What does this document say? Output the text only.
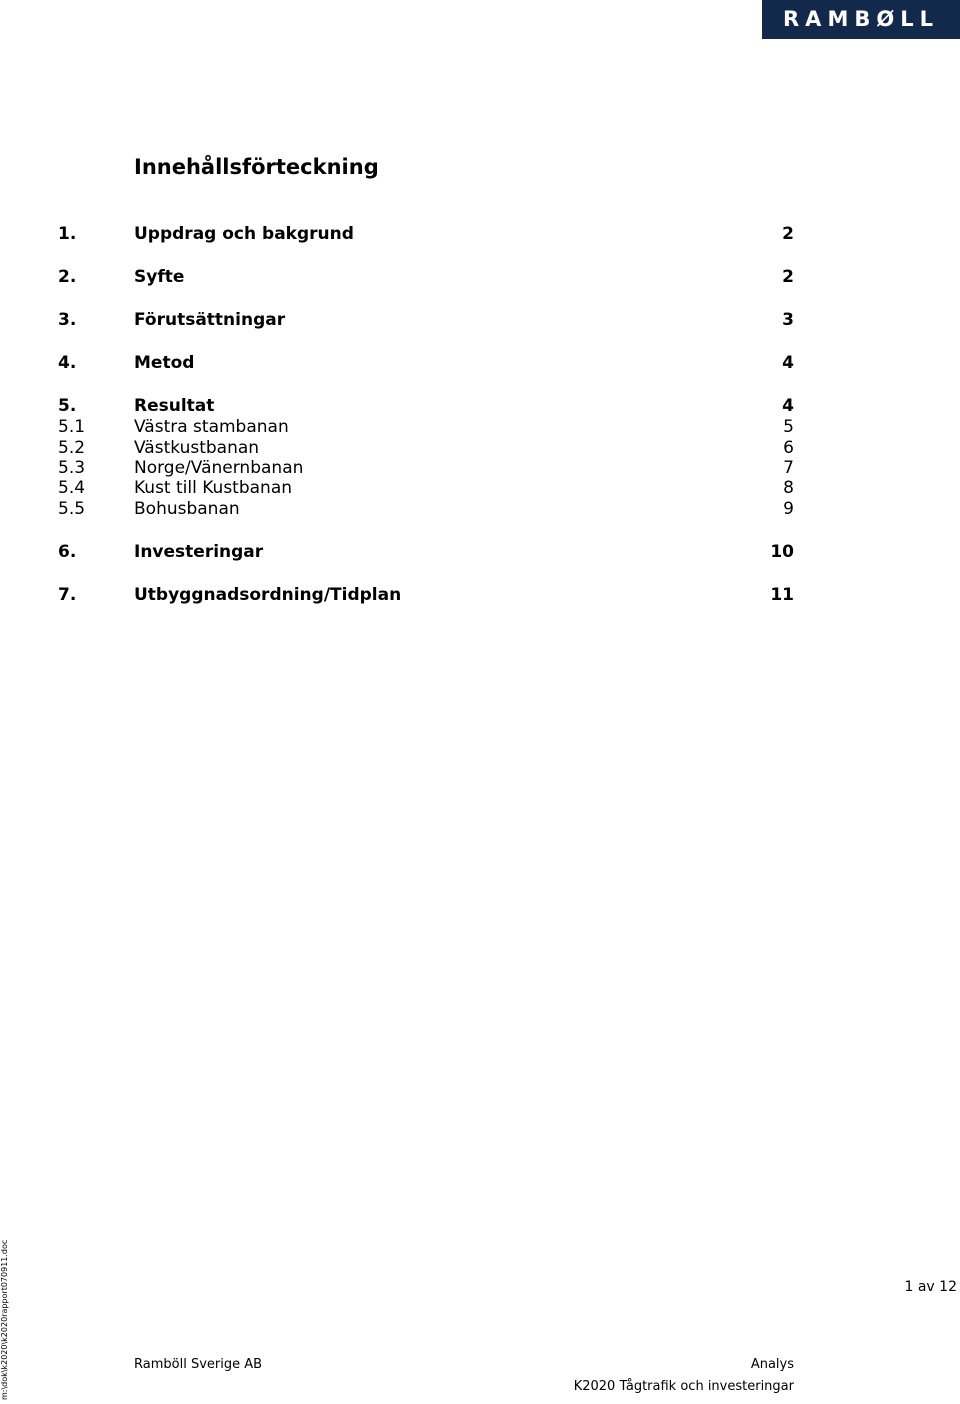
RAMBØLL
Innehållsförteckning
1.	Uppdrag och bakgrund	2
2.	Syfte	2
3.	Förutsättningar	3
4.	Metod	4
5.	Resultat	4
5.1	Västra stambanan	5
5.2	Västkustbanan	6
5.3	Norge/Vänernbanan	7
5.4	Kust till Kustbanan	8
5.5	Bohusbanan	9
6.	Investeringar	10
7.	Utbyggnadsordning/Tidplan	11
1 av 12
Ramböll Sverige AB	Analys
K2020 Tågtrafik och investeringar
m:\dok\k2020\k2020rapport070911.doc
